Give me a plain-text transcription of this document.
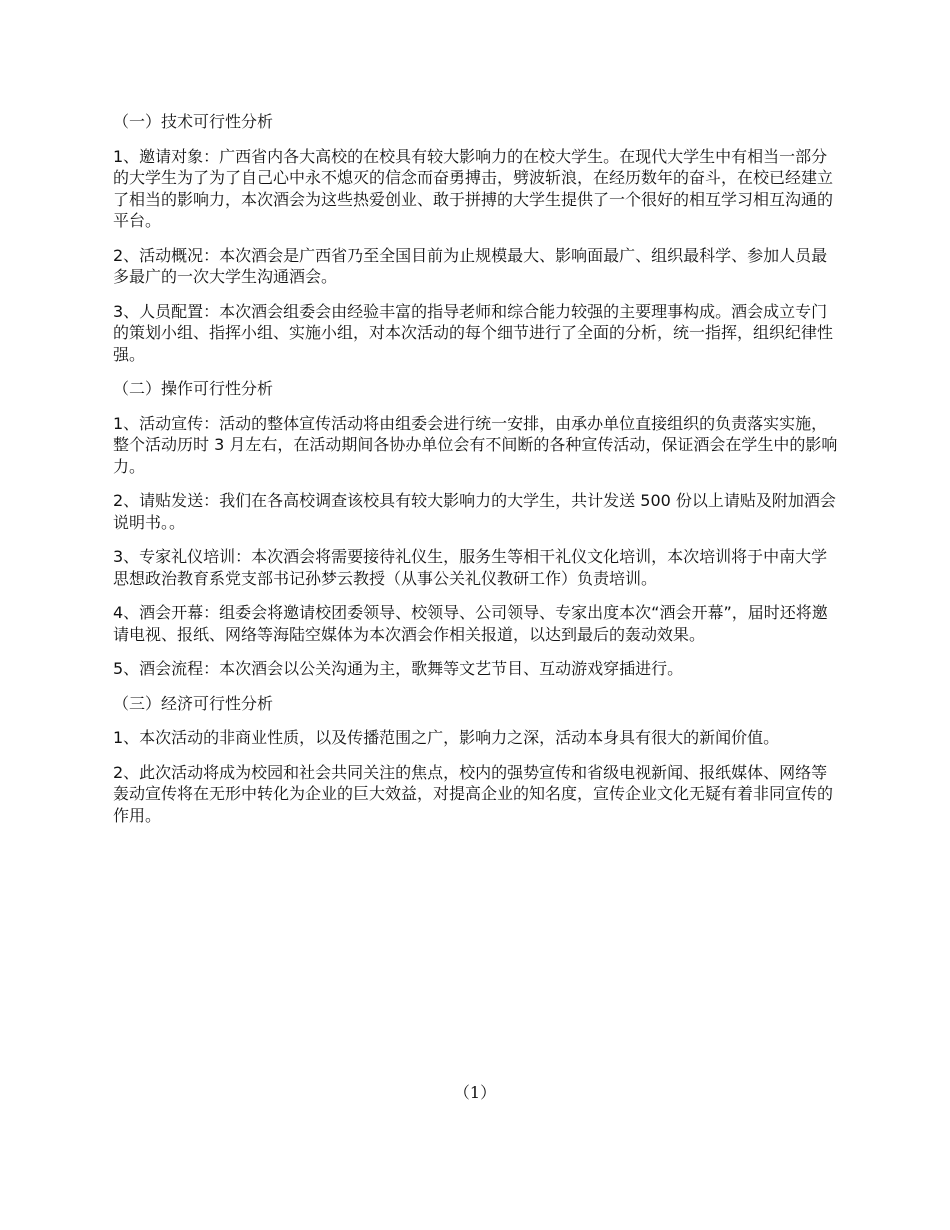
（一）技术可行性分析

1、邀请对象：广西省内各大高校的在校具有较大影响力的在校大学生。在现代大学生中有相当一部分的大学生为了为了自己心中永不熄灭的信念而奋勇搏击，劈波斩浪，在经历数年的奋斗，在校已经建立了相当的影响力，本次酒会为这些热爱创业、敢于拼搏的大学生提供了一个很好的相互学习相互沟通的平台。

2、活动概况：本次酒会是广西省乃至全国目前为止规模最大、影响面最广、组织最科学、参加人员最多最广的一次大学生沟通酒会。

3、人员配置：本次酒会组委会由经验丰富的指导老师和综合能力较强的主要理事构成。酒会成立专门的策划小组、指挥小组、实施小组，对本次活动的每个细节进行了全面的分析，统一指挥，组织纪律性强。

（二）操作可行性分析

1、活动宣传：活动的整体宣传活动将由组委会进行统一安排，由承办单位直接组织的负责落实实施，整个活动历时 3 月左右，在活动期间各协办单位会有不间断的各种宣传活动，保证酒会在学生中的影响力。

2、请贴发送：我们在各高校调查该校具有较大影响力的大学生，共计发送 500 份以上请贴及附加酒会说明书。。

3、专家礼仪培训：本次酒会将需要接待礼仪生，服务生等相干礼仪文化培训，本次培训将于中南大学思想政治教育系党支部书记孙梦云教授（从事公关礼仪教研工作）负责培训。

4、酒会开幕：组委会将邀请校团委领导、校领导、公司领导、专家出度本次“酒会开幕”，届时还将邀请电视、报纸、网络等海陆空媒体为本次酒会作相关报道，以达到最后的轰动效果。

5、酒会流程：本次酒会以公关沟通为主，歌舞等文艺节目、互动游戏穿插进行。

（三）经济可行性分析

1、本次活动的非商业性质，以及传播范围之广，影响力之深，活动本身具有很大的新闻价值。

2、此次活动将成为校园和社会共同关注的焦点，校内的强势宣传和省级电视新闻、报纸媒体、网络等轰动宣传将在无形中转化为企业的巨大效益，对提高企业的知名度，宣传企业文化无疑有着非同宣传的作用。

（1）
